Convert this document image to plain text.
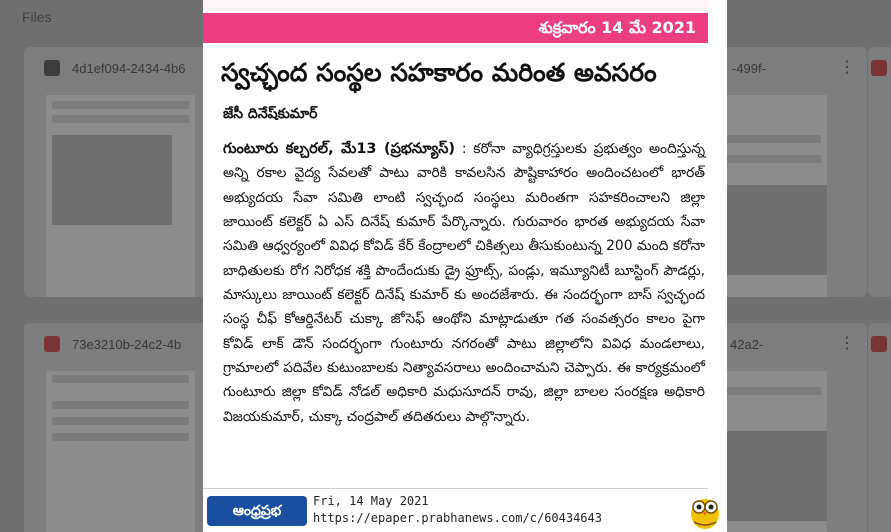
Files
4d1ef094-2434-4b6	-499f-	⋮
73e3210b-24c2-4b	42a2-	⋮
శుక్రవారం 14 మే 2021
స్వచ్ఛంద సంస్థల సహకారం మరింత అవసరం
జేసీ దినేష్‌కుమార్
గుంటూరు కల్చరల్, మే13 (ప్రభన్యూస్) : కరోనా వ్యాధిగ్రస్తులకు ప్రభుత్వం అందిస్తున్న అన్ని రకాల వైద్య సేవలతో పాటు వారికి కావలసిన పౌష్టికాహారం అందించటంలో భారత్ అభ్యుదయ సేవా సమితి లాంటి స్వచ్ఛంద సంస్థలు మరింతగా సహకరించాలని జిల్లా జాయింట్ కలెక్టర్ ఏ ఎస్ దినేష్ కుమార్ పేర్కొన్నారు. గురువారం భారత అభ్యుదయ సేవా సమితి ఆధ్వర్యంలో వివిధ కోవిడ్ కేర్ కేంద్రాలలో చికిత్సలు తీసుకుంటున్న 200 మంది కరోనా బాధితులకు రోగ నిరోధక శక్తి పొందేందుకు డ్రై ఫ్రూట్స్, పండ్లు, ఇమ్యూనిటీ బూస్టింగ్ పౌడర్లు, మాస్కులు జాయింట్ కలెక్టర్ దినేష్ కుమార్ కు అందజేశారు. ఈ సందర్భంగా బాస్ స్వచ్ఛంద సంస్థ చీఫ్ కోఆర్డినేటర్ చుక్కా జోసెఫ్ ఆంథోని మాట్లాడుతూ గత సంవత్సరం కాలం పైగా కోవిడ్ లాక్ డౌన్ సందర్భంగా గుంటూరు నగరంతో పాటు జిల్లాలోని వివిధ మండలాలు, గ్రామాలలో పదివేల కుటుంబాలకు నిత్యావసరాలు అందించామని చెప్పారు. ఈ కార్యక్రమంలో గుంటూరు జిల్లా కోవిడ్ నోడల్ అధికారి మధుసూదన్ రావు, జిల్లా బాలల సంరక్షణ అధికారి విజయకుమార్, చుక్కా చంద్రపాల్ తదితరులు పాల్గొన్నారు.
ఆంధ్రప్రభ
Fri, 14 May 2021
https://epaper.prabhanews.com/c/60434643
